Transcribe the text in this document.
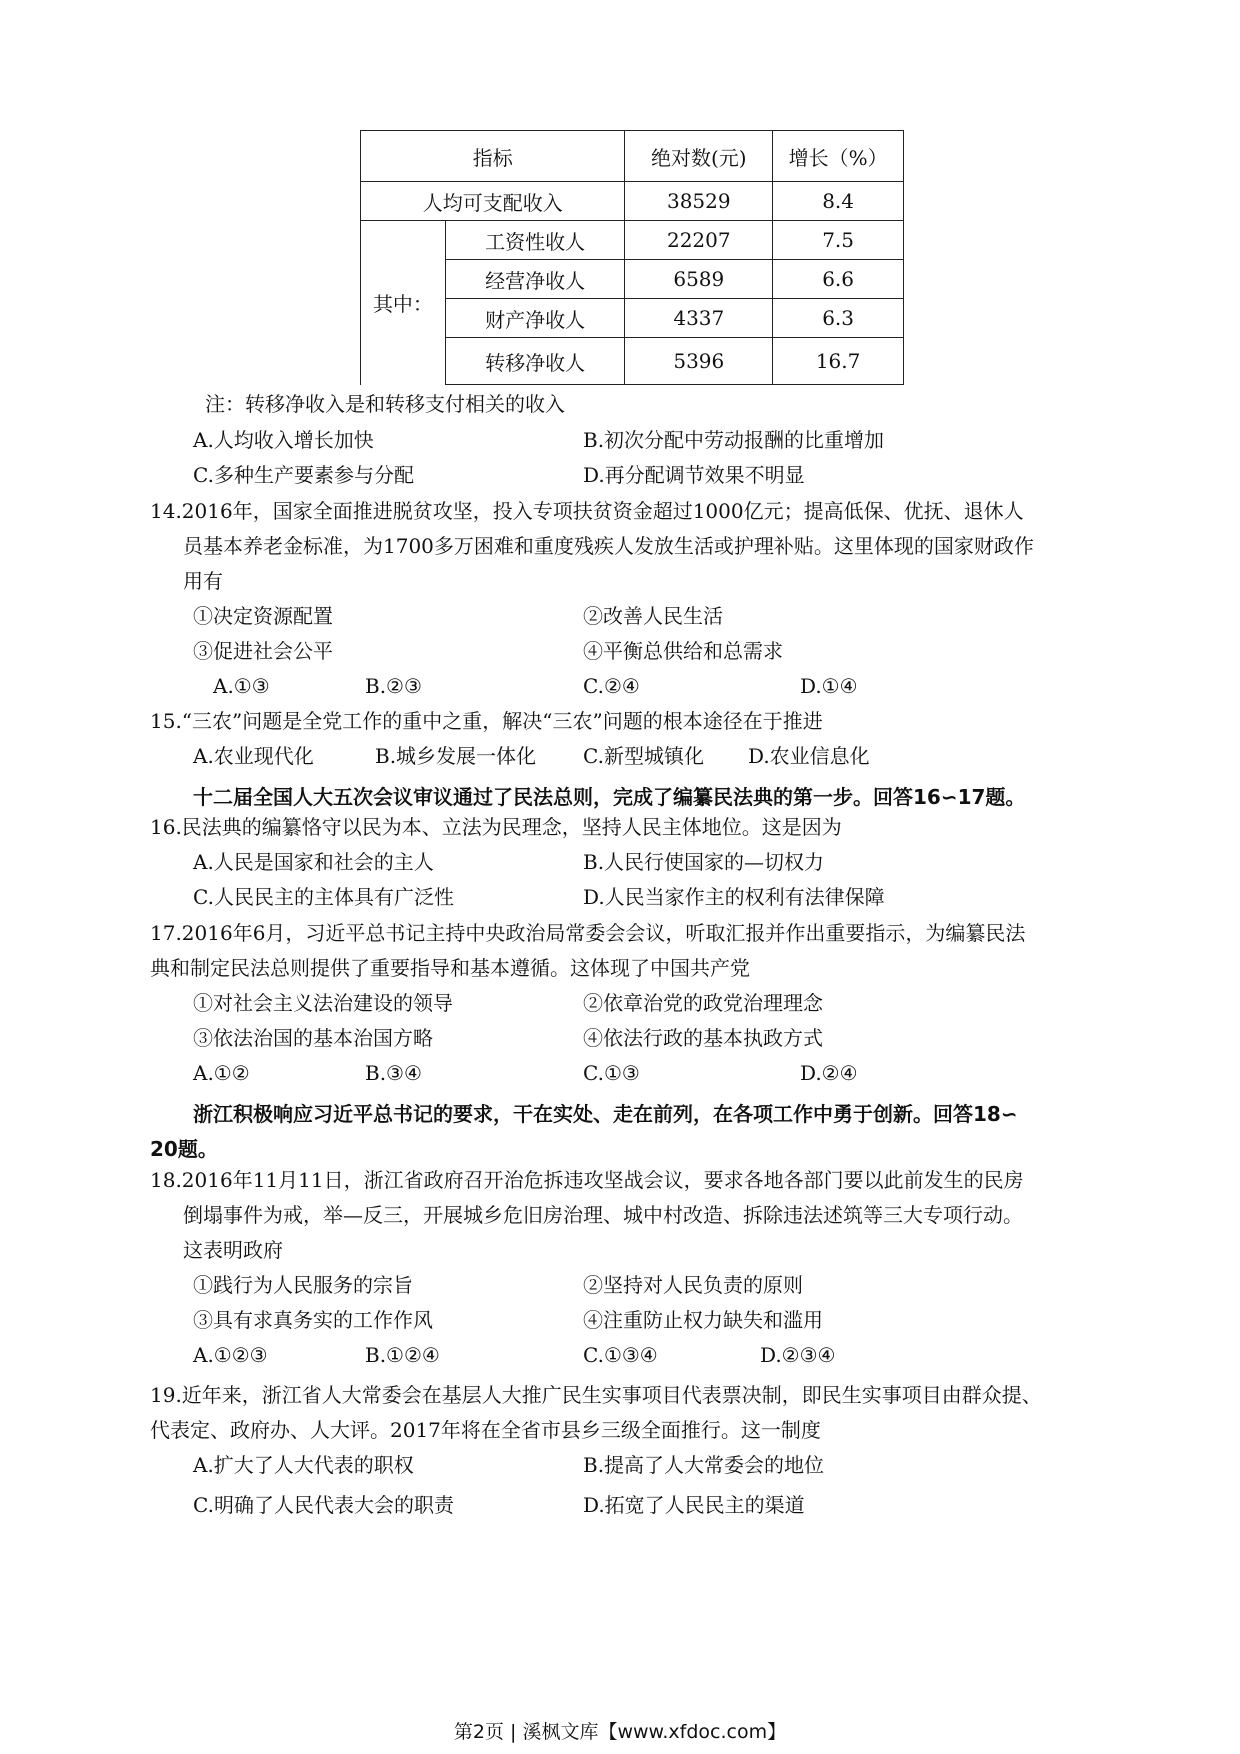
指标		绝对数(元)	增长（%）
人均可支配收入		38529	8.4
其中：	工资性收人	22207	7.5
	经营净收人	6589	6.6
	财产净收人	4337	6.3
	转移净收人	5396	16.7
注：转移净收入是和转移支付相关的收入
A.人均收入增长加快	B.初次分配中劳动报酬的比重增加
C.多种生产要素参与分配	D.再分配调节效果不明显
14.2016年，国家全面推进脱贫攻坚，投入专项扶贫资金超过1000亿元；提高低保、优抚、退休人
员基本养老金标准，为1700多万困难和重度残疾人发放生活或护理补贴。这里体现的国家财政作
用有
①决定资源配置	②改善人民生活
③促进社会公平	④平衡总供给和总需求
A.①③	B.②③	C.②④	D.①④
15.“三农”问题是全党工作的重中之重，解决“三农”问题的根本途径在于推进
A.农业现代化	B.城乡发展一体化 C.新型城镇化 D.农业信息化
十二届全国人大五次会议审议通过了民法总则，完成了编纂民法典的第一步。回答16∽17题。
16.民法典的编纂恪守以民为本、立法为民理念，坚持人民主体地位。这是因为
A.人民是国家和社会的主人	B.人民行使国家的—切权力
C.人民民主的主体具有广泛性	D.人民当家作主的权利有法律保障
17.2016年6月，习近平总书记主持中央政治局常委会会议，听取汇报并作出重要指示，为编纂民法
典和制定民法总则提供了重要指导和基本遵循。这体现了中国共产党
①对社会主义法治建设的领导	②依章治党的政党治理理念
③依法治国的基本治国方略	④依法行政的基本执政方式
A.①②	B.③④	C.①③	D.②④
浙江积极响应习近平总书记的要求，干在实处、走在前列，在各项工作中勇于创新。回答18∽
20题。
18.2016年11月11日，浙江省政府召开治危拆违攻坚战会议，要求各地各部门要以此前发生的民房
倒塌事件为戒，举—反三，开展城乡危旧房治理、城中村改造、拆除违法述筑等三大专项行动。
这表明政府
①践行为人民服务的宗旨	②坚持对人民负责的原则
③具有求真务实的工作作风	④注重防止权力缺失和滥用
A.①②③	B.①②④	C.①③④	D.②③④
19.近年来，浙江省人大常委会在基层人大推广民生实事项目代表票决制，即民生实事项目由群众提、
代表定、政府办、人大评。2017年将在全省市县乡三级全面推行。这一制度
A.扩大了人大代表的职权	B.提高了人大常委会的地位
C.明确了人民代表大会的职责	D.拓宽了人民民主的渠道
第2页 | 溪枫文库【www.xfdoc.com】
